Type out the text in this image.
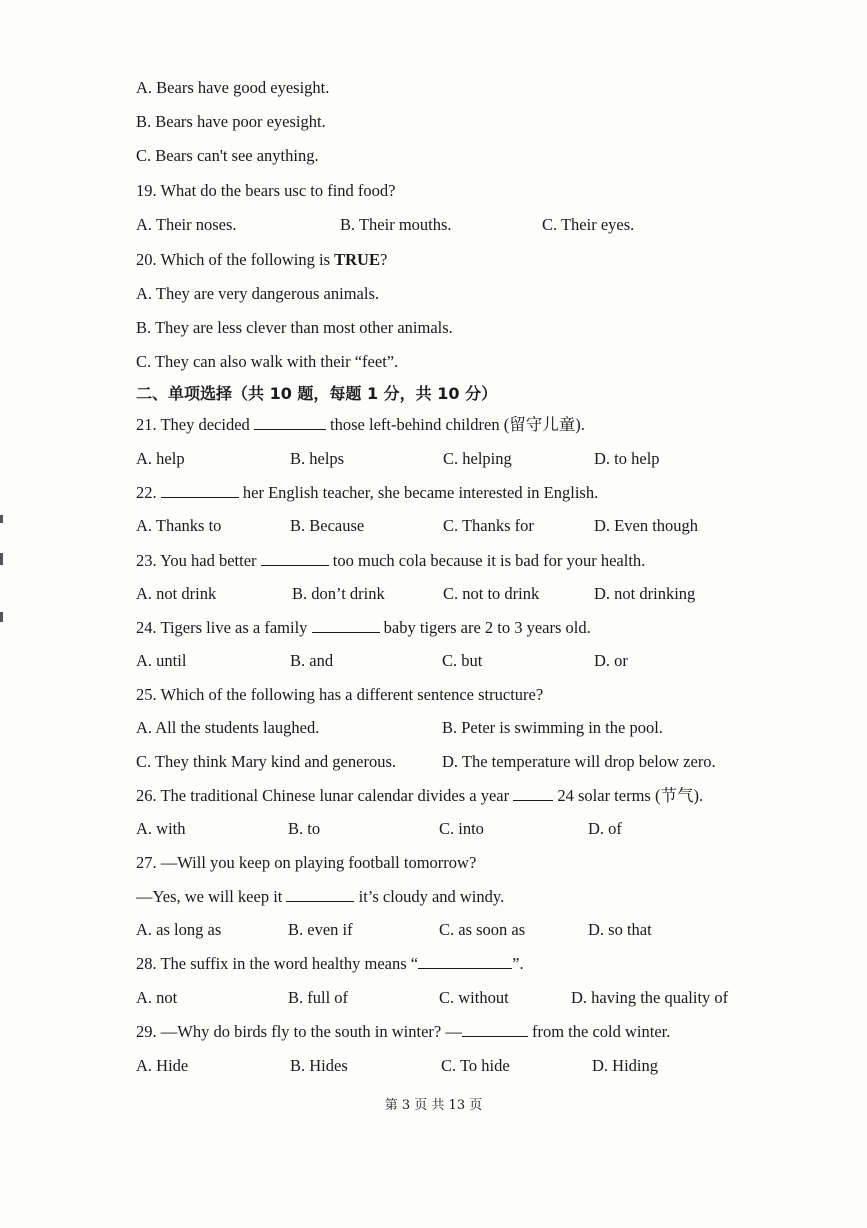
A. Bears have good eyesight.
B. Bears have poor eyesight.
C. Bears can't see anything.
19. What do the bears usc to find food?
A. Their noses.	B. Their mouths.	C. Their eyes.
20. Which of the following is TRUE?
A. They are very dangerous animals.
B. They are less clever than most other animals.
C. They can also walk with their “feet”.
二、单项选择（共 10 题，每题 1 分，共 10 分）
21. They decided	those left-behind children (留守儿童).
A. help	B. helps	C. helping	D. to help
22.	her English teacher, she became interested in English.
A. Thanks to	B. Because	C. Thanks for	D. Even though
23. You had better	too much cola because it is bad for your health.
A. not drink	B. don’t drink	C. not to drink	D. not drinking
24. Tigers live as a family	baby tigers are 2 to 3 years old.
A. until	B. and	C. but	D. or
25. Which of the following has a different sentence structure?
A. All the students laughed.	B. Peter is swimming in the pool.
C. They think Mary kind and generous.	D. The temperature will drop below zero.
26. The traditional Chinese lunar calendar divides a year  24 solar terms (节气).
A. with	B. to	C. into	D. of
27. —Will you keep on playing football tomorrow?
—Yes, we will keep it	it’s cloudy and windy.
A. as long as	B. even if	C. as soon as	D. so that
28. The suffix in the word healthy means “	”.
A. not	B. full of	C. without	D. having the quality of
29. —Why do birds fly to the south in winter? —	from the cold winter.
A. Hide	B. Hides	C. To hide	D. Hiding
第 3 页 共 13 页
